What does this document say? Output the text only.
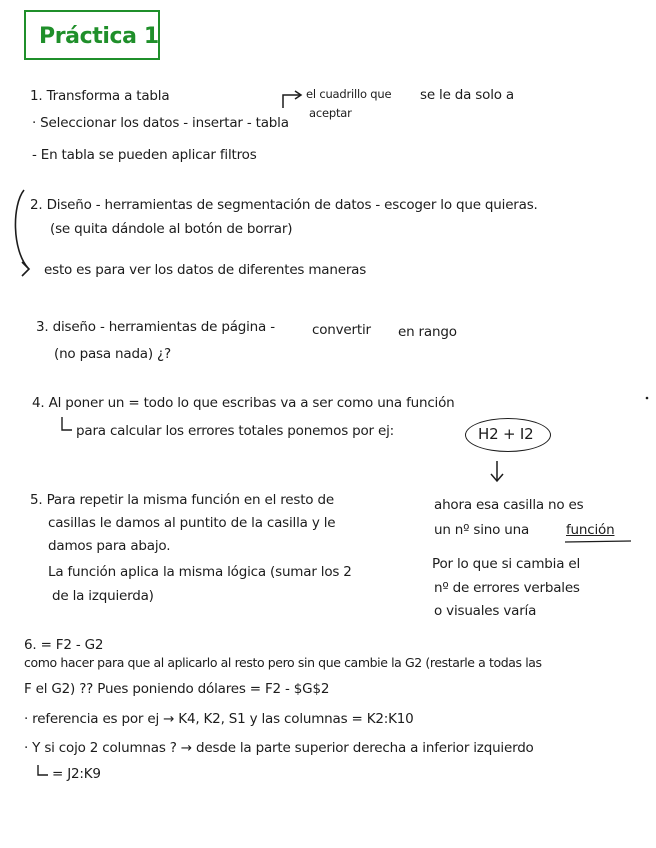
Práctica 1
1. Transforma a tabla
· Seleccionar los datos - insertar - tabla
el cuadrillo que se le da solo a
aceptar
- En tabla se pueden aplicar filtros
2. Diseño - herramientas de segmentación de datos - escoger lo que quieras.
(se quita dándole al botón de borrar)
esto es para ver los datos de diferentes maneras
3. diseño - herramientas de página -	convertir en rango
(no pasa nada) ¿?
4. Al poner un = todo lo que escribas va a ser como una función
para calcular los errores totales ponemos por ej:	H2 + I2
5. Para repetir la misma función en el resto de
casillas le damos al puntito de la casilla y le
damos para abajo.
La función aplica la misma lógica (sumar los 2
de la izquierda)
ahora esa casilla no es
un nº sino una	función
Por lo que si cambia el
nº de errores verbales
o visuales varía
6. = F2 - G2
como hacer para que al aplicarlo al resto pero sin que cambie la G2 (restarle a todas las
F el G2) ?? Pues poniendo dólares = F2 - $G$2
· referencia es por ej → K4, K2, S1 y las columnas = K2:K10
· Y si cojo 2 columnas ? → desde la parte superior derecha a inferior izquierdo
= J2:K9
